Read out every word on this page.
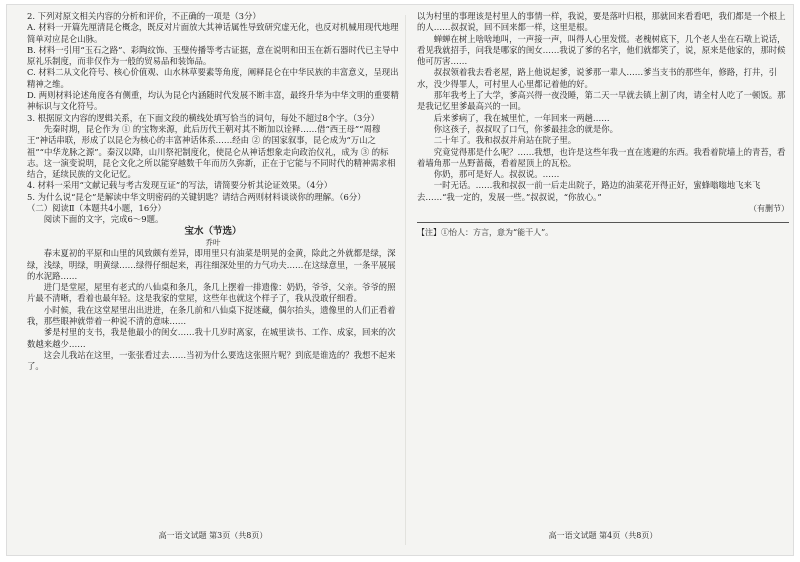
2. 下列对原文相关内容的分析和评价，不正确的一项是（3分）

A. 材料一开篇先厘清昆仑概念，既反对片面放大其神话属性导致研究虚无化，也反对机械用现代地理简单对应昆仑山脉。

B. 材料一引用“玉石之路”、彩陶纹饰、玉璧传播等考古证据，意在说明和田玉在新石器时代已主导中原礼乐制度，而非仅作为一般的贸易品和装饰品。

C. 材料二从文化符号、核心价值观、山水林草要素等角度，阐释昆仑在中华民族的丰富意义，呈现出精神之维。

D. 两则材料论述角度各有侧重，均认为昆仑内涵随时代发展不断丰富，最终升华为中华文明的重要精神标识与文化符号。

3. 根据原文内容的逻辑关系，在下面文段的横线处填写恰当的词句，每处不超过8个字。（3分）

先秦时期，昆仑作为 ① 的宝物来源，此后历代王朝对其不断加以诠释……借“西王母”“周穆王”神话串联，形成了以昆仑为核心的丰富神话体系……经由 ② 的国家叙事，昆仑成为“万山之祖”“中华龙脉之源”。秦汉以降，山川祭祀制度化，使昆仑从神话想象走向政治仪礼，成为 ③ 的标志。这一演变说明，昆仑文化之所以能穿越数千年而历久弥新，正在于它能与不同时代的精神需求相结合，延续民族的文化记忆。

4. 材料一采用“文献记载与考古发现互证”的写法，请简要分析其论证效果。（4分）

5. 为什么说“昆仑”是解读中华文明密码的关键钥匙？请结合两则材料谈谈你的理解。（6分）

（二）阅读Ⅱ（本题共4小题，16分）

阅读下面的文字，完成6～9题。

宝水（节选）

乔叶

春末夏初的平原和山里的风致颇有差异，即用里只有油菜是明晃的金黄，除此之外就都是绿，深绿，浅绿，明绿，明黄绿……绿得仔细起来，再往细深处里的力气功夫……在这绿意里，一条平展展的水泥路……

进门是堂屋，屋里有老式的八仙桌和条几，条几上摆着一排遗像：奶奶，爷爷，父亲。爷爷的照片最不清晰，看着也最年轻。这是我家的堂屋，这些年也就这个样子了，我从没敢仔细看。

小时候，我在这堂屋里出出进进，在条几前和八仙桌下捉迷藏，偶尔抬头，遗像里的人们正看着我，那些眼神就带着一种说不清的意味……

爹是村里的支书，我是他最小的闺女……我十几岁时离家，在城里读书、工作、成家，回来的次数越来越少……

这会儿我站在这里，一张张看过去……当初为什么要选这张照片呢？到底是谁选的？我想不起来了。

高一语文试题 第3页（共8页）

以为村里的事理该是村里人的事情一样，我说，要是落叶归根，那就回来看看吧，我们都是一个根上的人……叔叔说，回不回来都一样，这里是根。

蝉蝉在树上啥啥地叫，一声接一声，叫得人心里发慌。老槐树底下，几个老人坐在石墩上说话，看见我就招手，问我是哪家的闺女……我说了爹的名字，他们就都笑了，说，原来是他家的，那时候他可厉害……

叔叔领着我去看老屋，路上他说起爹，说爹那一辈人……爹当支书的那些年，修路，打井，引水，没少得罪人，可村里人心里都记着他的好。

那年我考上了大学，爹高兴得一夜没睡，第二天一早就去镇上割了肉，请全村人吃了一顿饭。那是我记忆里爹最高兴的一回。

后来爹病了，我在城里忙，一年回来一两趟……

你这孩子，叔叔叹了口气，你爹最挂念的就是你。

二十年了。我和叔叔并肩站在院子里。

究竟觉得那是什么呢？……我想，也许是这些年我一直在逃避的东西。我看着院墙上的青苔，看着墙角那一丛野蔷薇，看着屋顶上的瓦松。

你奶，那可是好人。叔叔说。……

一时无话。……我和叔叔一前一后走出院子，路边的油菜花开得正好，蜜蜂嗡嗡地飞来飞去……“我一定的，发展一些。”叔叔说，“你放心。”

（有删节）

【注】①怡人：方言，意为“能干人”。

高一语文试题 第4页（共8页）
